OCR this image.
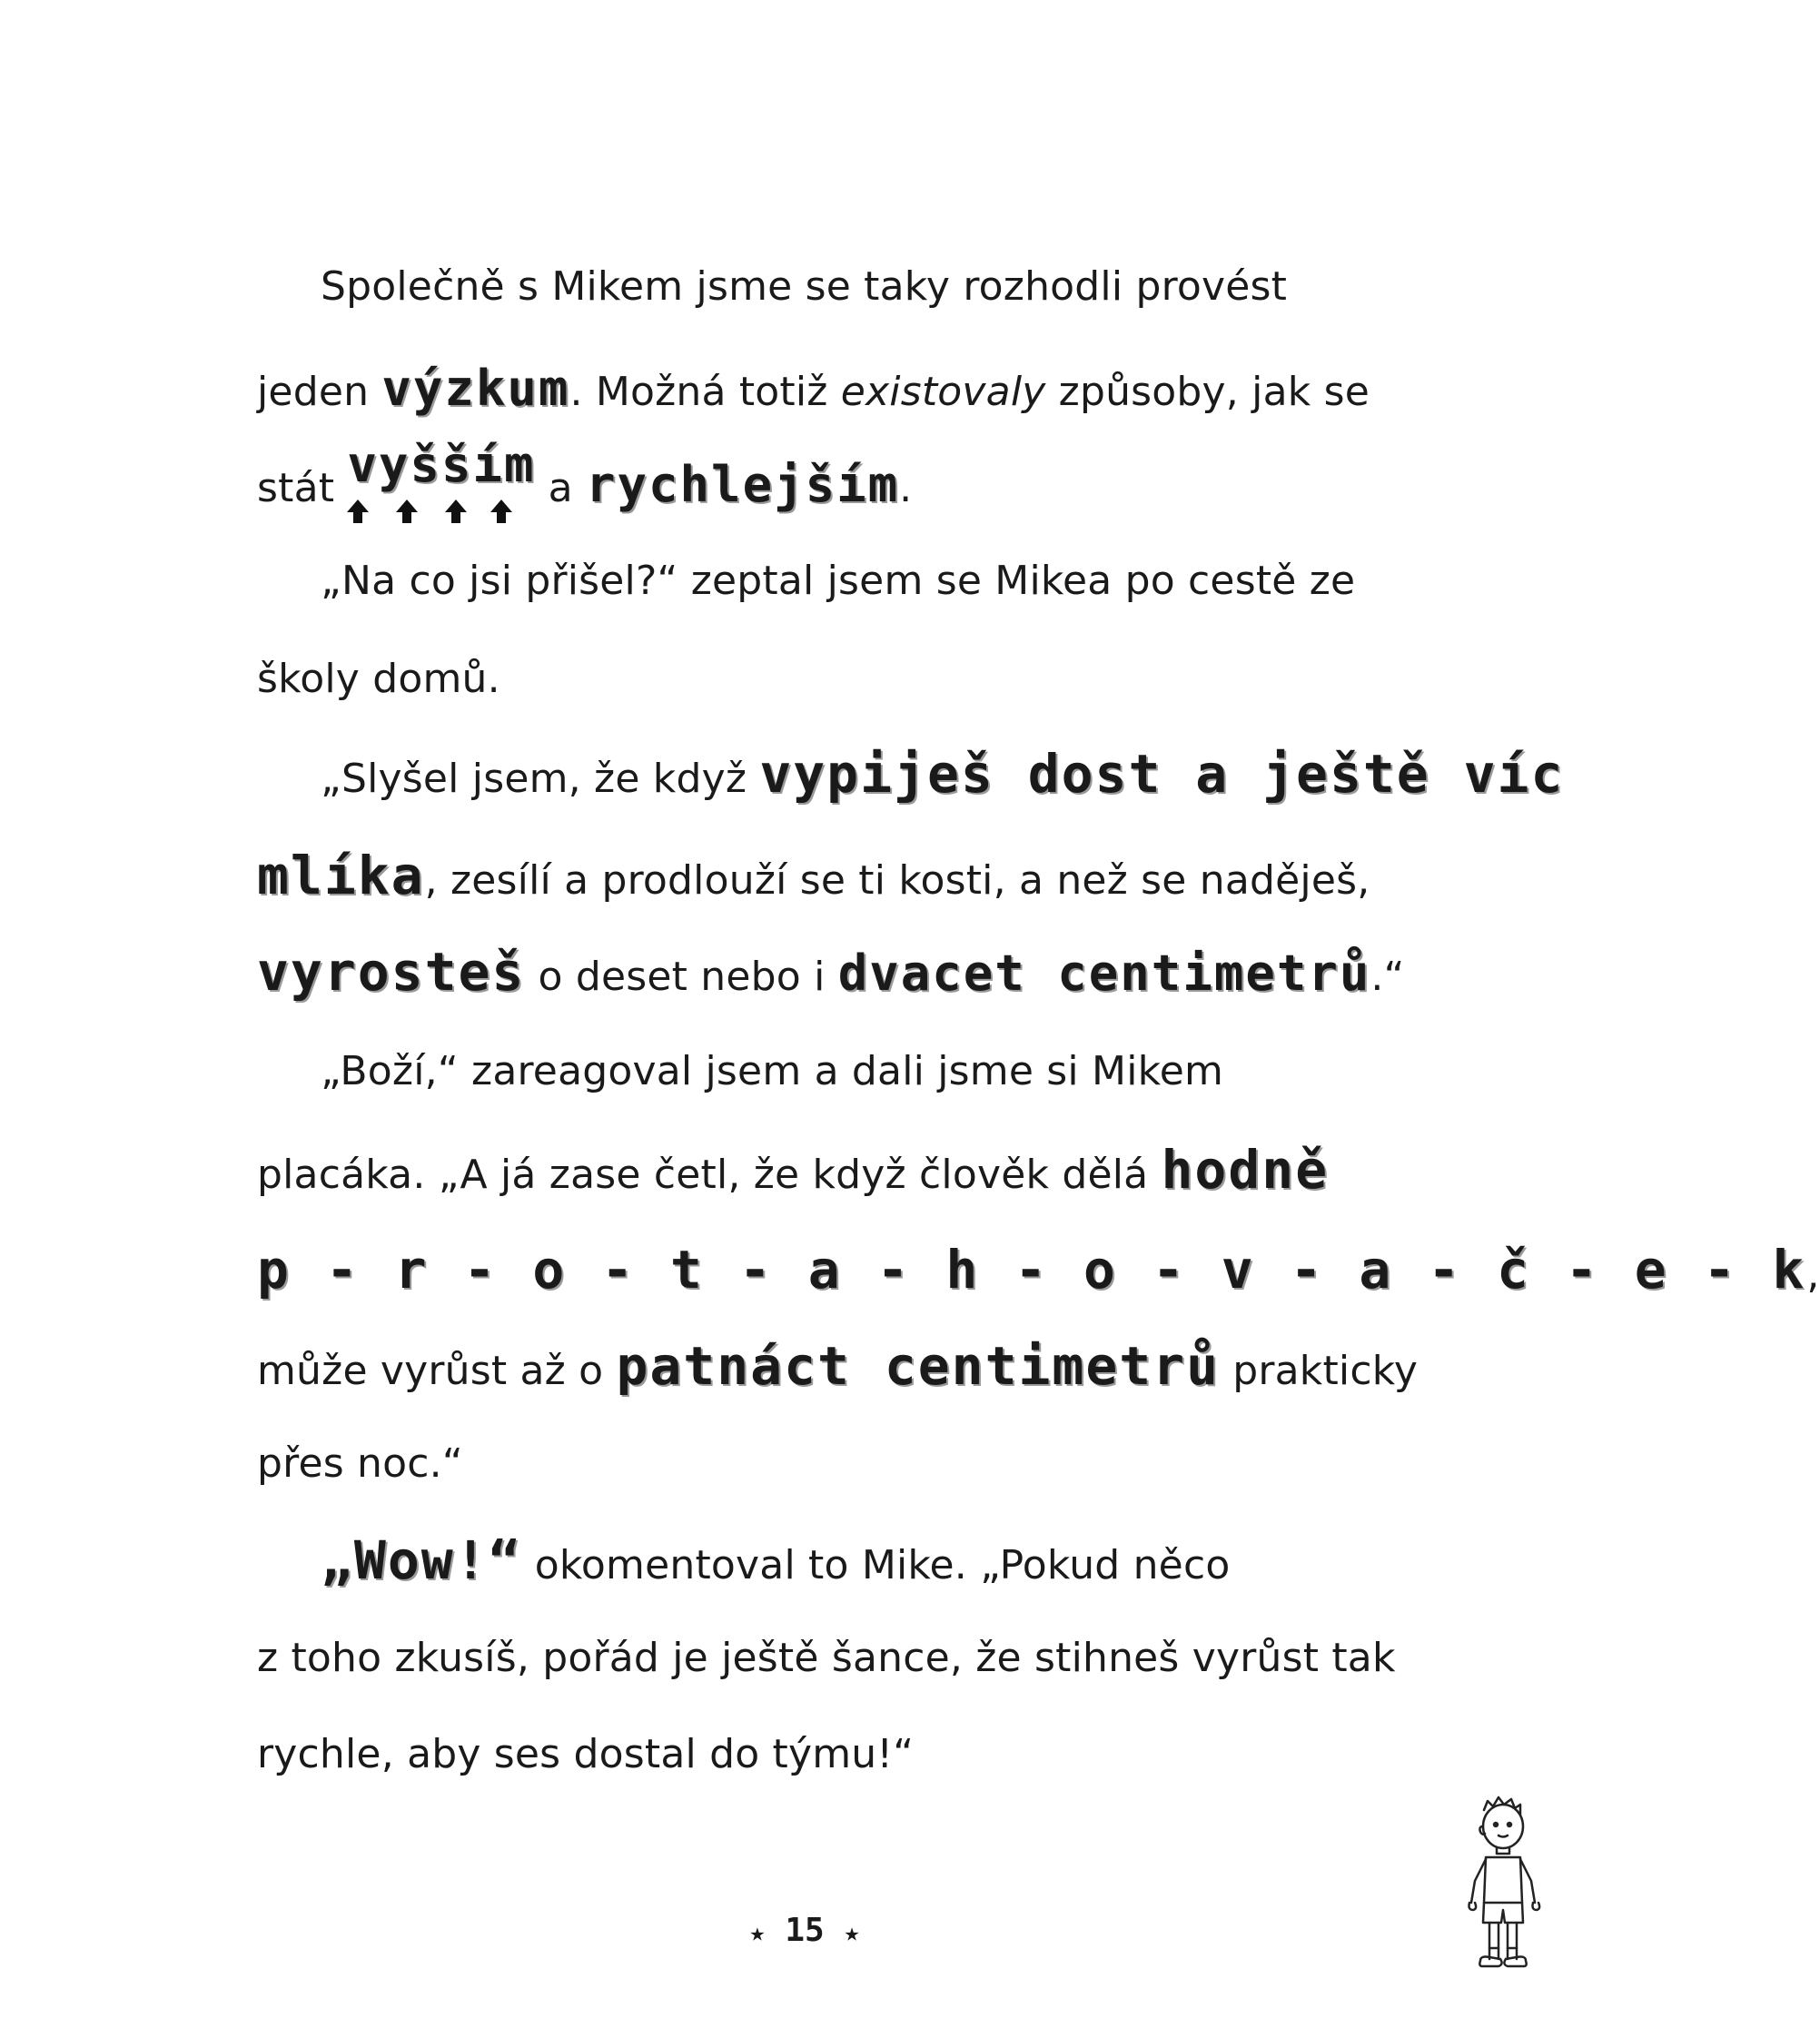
Společně s Mikem jsme se taky rozhodli provést
jeden výzkum. Možná totiž existovaly způsoby, jak se
stát vyšším
a rychlejším.
„Na co jsi přišel?“ zeptal jsem se Mikea po cestě ze
školy domů.
„Slyšel jsem, že když vypiješ dost a ještě víc
mlíka, zesílí a prodlouží se ti kosti, a než se naděješ,
vyrosteš o deset nebo i dvacet centimetrů.“
„Boží,“ zareagoval jsem a dali jsme si Mikem
placáka. „A já zase četl, že když člověk dělá hodně
p - r - o - t - a - h - o - v - a - č - e - k,
může vyrůst až o patnáct centimetrů prakticky
přes noc.“
„Wow!“ okomentoval to Mike. „Pokud něco
z toho zkusíš, pořád je ještě šance, že stihneš vyrůst tak
rychle, aby ses dostal do týmu!“
★ 15 ★
